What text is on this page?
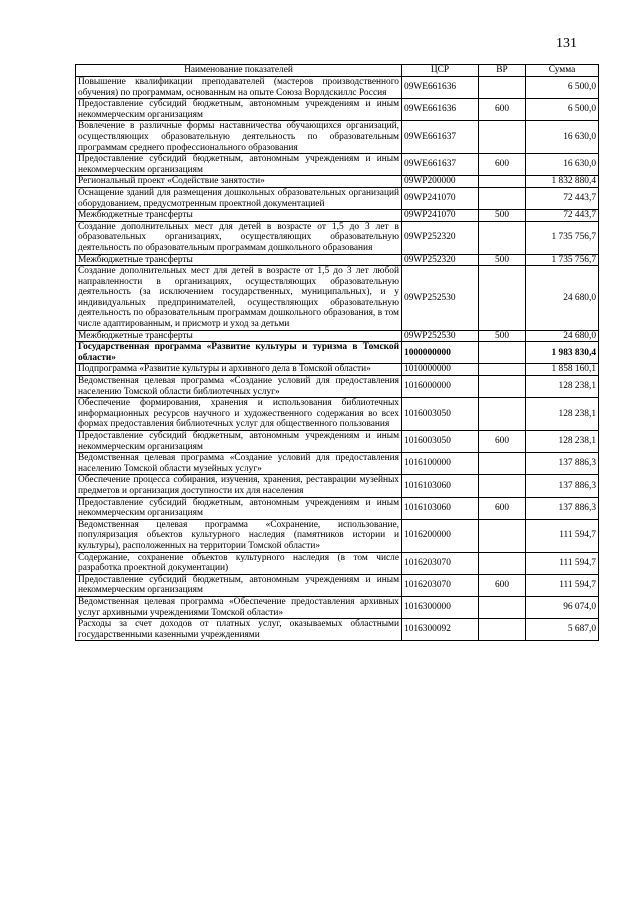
131
Наименование показателей	ЦСР	ВР	Сумма
Повышение квалификации преподавателей (мастеров производственного обучения) по программам, основанным на опыте Союза Ворлдскиллс Россия	09WE661636		6 500,0
Предоставление субсидий бюджетным, автономным учреждениям и иным некоммерческим организациям	09WE661636	600	6 500,0
Вовлечение в различные формы наставничества обучающихся организаций, осуществляющих образовательную деятельность по образовательным программам среднего профессионального образования	09WE661637		16 630,0
Предоставление субсидий бюджетным, автономным учреждениям и иным некоммерческим организациям	09WE661637	600	16 630,0
Региональный проект «Содействие занятости»	09WP200000		1 832 880,4
Оснащение зданий для размещения дошкольных образовательных организаций оборудованием, предусмотренным проектной документацией	09WP241070		72 443,7
Межбюджетные трансферты	09WP241070	500	72 443,7
Создание дополнительных мест для детей в возрасте от 1,5 до 3 лет в образовательных организациях, осуществляющих образовательную деятельность по образовательным программам дошкольного образования	09WP252320		1 735 756,7
Межбюджетные трансферты	09WP252320	500	1 735 756,7
Создание дополнительных мест для детей в возрасте от 1,5 до 3 лет любой направленности в организациях, осуществляющих образовательную деятельность (за исключением государственных, муниципальных), и у индивидуальных предпринимателей, осуществляющих образовательную деятельность по образовательным программам дошкольного образования, в том числе адаптированным, и присмотр и уход за детьми	09WP252530		24 680,0
Межбюджетные трансферты	09WP252530	500	24 680,0
Государственная программа «Развитие культуры и туризма в Томской области»	1000000000		1 983 830,4
Подпрограмма «Развитие культуры и архивного дела в Томской области»	1010000000		1 858 160,1
Ведомственная целевая программа «Создание условий для предоставления населению Томской области библиотечных услуг»	1016000000		128 238,1
Обеспечение формирования, хранения и использования библиотечных информационных ресурсов научного и художественного содержания во всех формах предоставления библиотечных услуг для общественного пользования	1016003050		128 238,1
Предоставление субсидий бюджетным, автономным учреждениям и иным некоммерческим организациям	1016003050	600	128 238,1
Ведомственная целевая программа «Создание условий для предоставления населению Томской области музейных услуг»	1016100000		137 886,3
Обеспечение процесса собирания, изучения, хранения, реставрации музейных предметов и организация доступности их для населения	1016103060		137 886,3
Предоставление субсидий бюджетным, автономным учреждениям и иным некоммерческим организациям	1016103060	600	137 886,3
Ведомственная целевая программа «Сохранение, использование, популяризация объектов культурного наследия (памятников истории и культуры), расположенных на территории Томской области»	1016200000		111 594,7
Содержание, сохранение объектов культурного наследия (в том числе разработка проектной документации)	1016203070		111 594,7
Предоставление субсидий бюджетным, автономным учреждениям и иным некоммерческим организациям	1016203070	600	111 594,7
Ведомственная целевая программа «Обеспечение предоставления архивных услуг архивными учреждениями Томской области»	1016300000		96 074,0
Расходы за счет доходов от платных услуг, оказываемых областными государственными казенными учреждениями	1016300092		5 687,0
